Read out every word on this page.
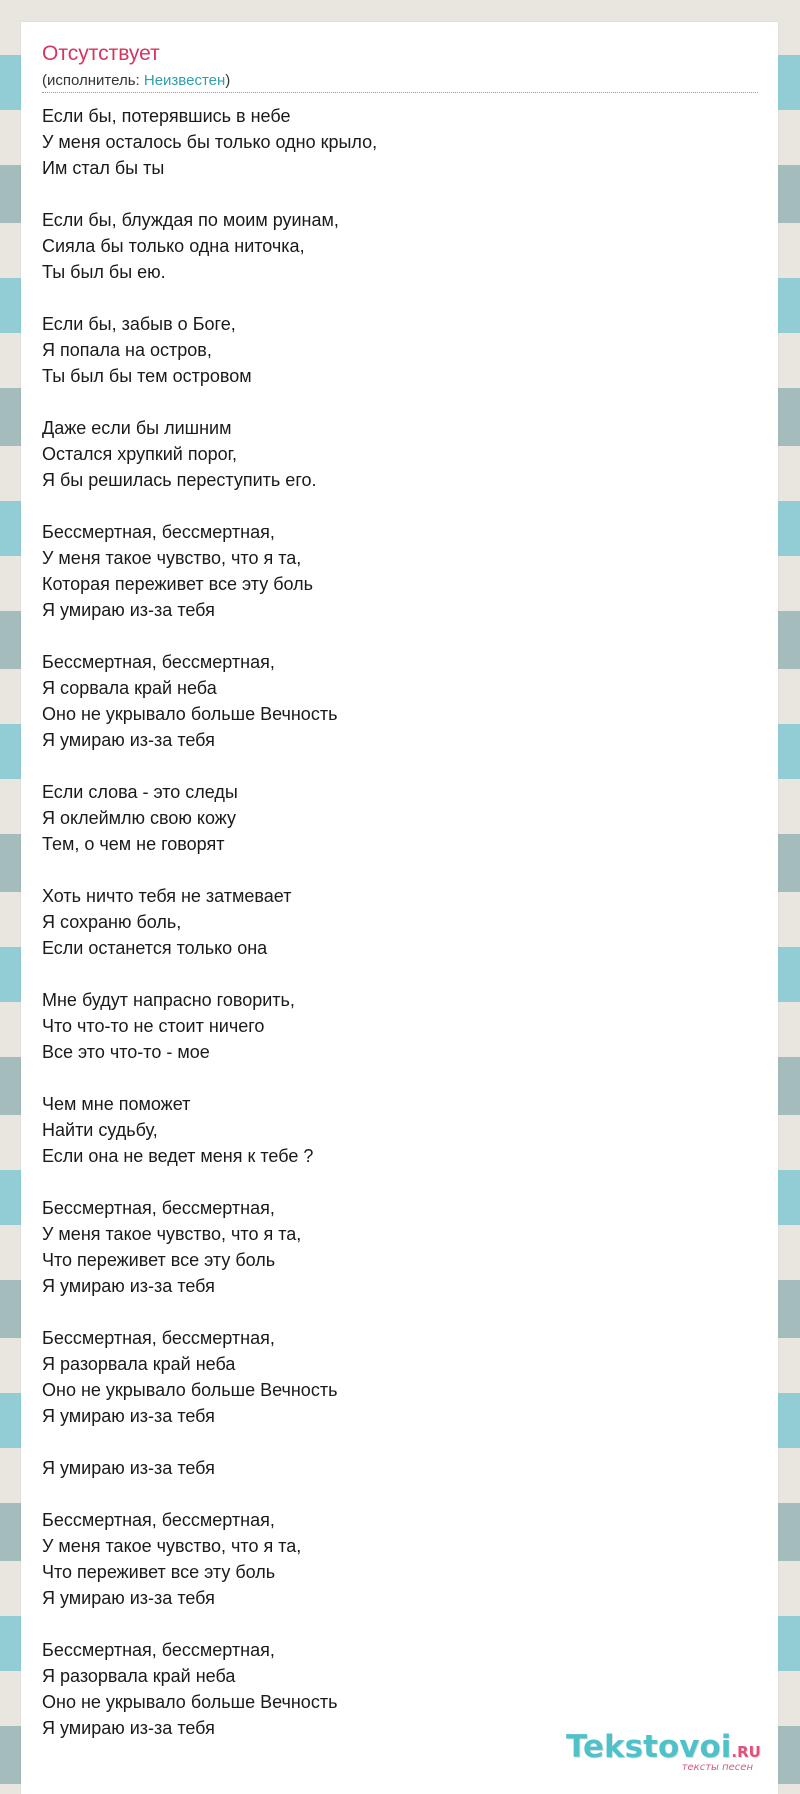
Отсутствует
(исполнитель: Неизвестен)
Если бы, потерявшись в небе
У меня осталось бы только одно крыло,
Им стал бы ты
Если бы, блуждая по моим руинам,
Сияла бы только одна ниточка,
Ты был бы ею.
Если бы, забыв о Боге,
Я попала на остров,
Ты был бы тем островом
Даже если бы лишним
Остался хрупкий порог,
Я бы решилась переступить его.
Бессмертная, бессмертная,
У меня такое чувство, что я та,
Которая переживет все эту боль
Я умираю из-за тебя
Бессмертная, бессмертная,
Я сорвала край неба
Оно не укрывало больше Вечность
Я умираю из-за тебя
Если слова - это следы
Я оклеймлю свою кожу
Тем, о чем не говорят
Хоть ничто тебя не затмевает
Я сохраню боль,
Если останется только она
Мне будут напрасно говорить,
Что что-то не стоит ничего
Все это что-то - мое
Чем мне поможет
Найти судьбу,
Если она не ведет меня к тебе ?
Бессмертная, бессмертная,
У меня такое чувство, что я та,
Что переживет все эту боль
Я умираю из-за тебя
Бессмертная, бессмертная,
Я разорвала край неба
Оно не укрывало больше Вечность
Я умираю из-за тебя
Я умираю из-за тебя
Бессмертная, бессмертная,
У меня такое чувство, что я та,
Что переживет все эту боль
Я умираю из-за тебя
Бессмертная, бессмертная,
Я разорвала край неба
Оно не укрывало больше Вечность
Я умираю из-за тебя
Tekstovoi.RU
тексты песен
